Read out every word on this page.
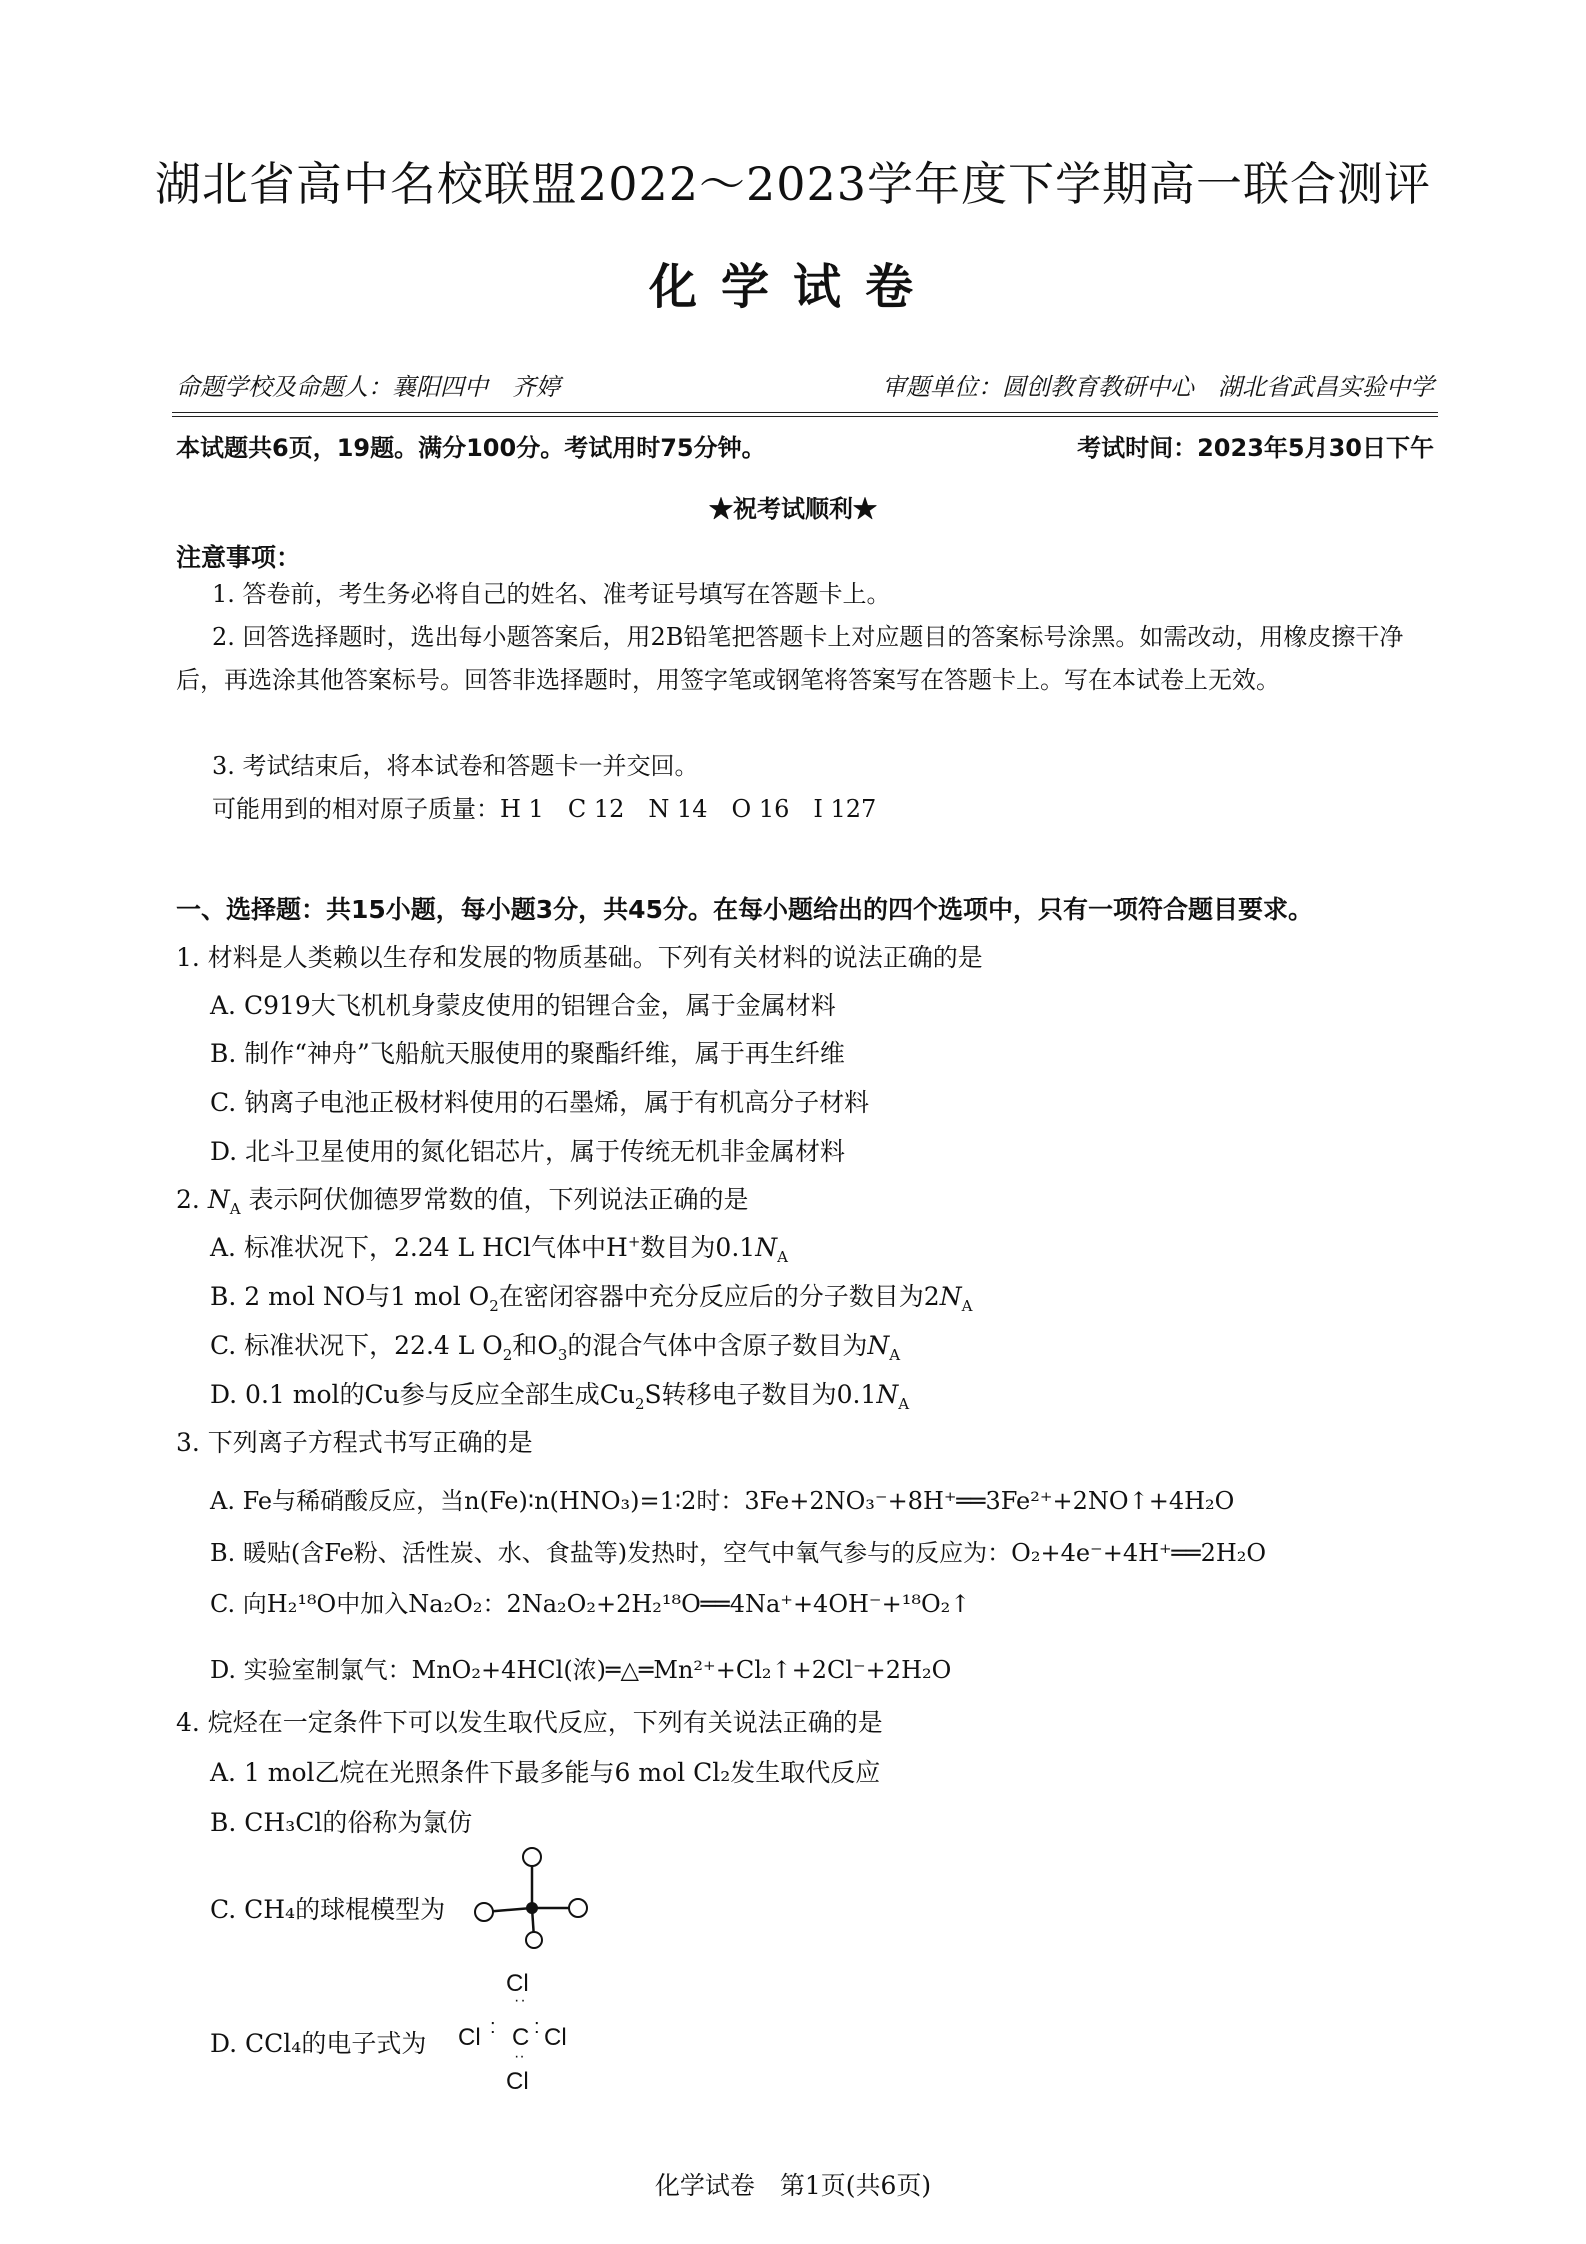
湖北省高中名校联盟2022～2023学年度下学期高一联合测评
化学试卷
命题学校及命题人：襄阳四中　齐婷	审题单位：圆创教育教研中心　湖北省武昌实验中学
本试题共6页，19题。满分100分。考试用时75分钟。	考试时间：2023年5月30日下午
★祝考试顺利★
注意事项：
1. 答卷前，考生务必将自己的姓名、准考证号填写在答题卡上。
2. 回答选择题时，选出每小题答案后，用2B铅笔把答题卡上对应题目的答案标号涂黑。如需改动，用橡皮擦干净后，再选涂其他答案标号。回答非选择题时，用签字笔或钢笔将答案写在答题卡上。写在本试卷上无效。
3. 考试结束后，将本试卷和答题卡一并交回。
可能用到的相对原子质量：H 1　C 12　N 14　O 16　I 127
一、选择题：共15小题，每小题3分，共45分。在每小题给出的四个选项中，只有一项符合题目要求。
1. 材料是人类赖以生存和发展的物质基础。下列有关材料的说法正确的是
A. C919大飞机机身蒙皮使用的铝锂合金，属于金属材料
B. 制作“神舟”飞船航天服使用的聚酯纤维，属于再生纤维
C. 钠离子电池正极材料使用的石墨烯，属于有机高分子材料
D. 北斗卫星使用的氮化铝芯片，属于传统无机非金属材料
2. $N_A$ 表示阿伏伽德罗常数的值，下列说法正确的是
A. 标准状况下，2.24 L HCl气体中H+数目为$0.1N_A$
B. 2 mol NO与1 mol $O_2$在密闭容器中充分反应后的分子数目为$2N_A$
C. 标准状况下，22.4 L $O_2$和$O_3$的混合气体中含原子数目为$N_A$
D. 0.1 mol的Cu参与反应全部生成$Cu_2S$转移电子数目为$0.1N_A$
3. 下列离子方程式书写正确的是
A. Fe与稀硝酸反应，当n(Fe)∶n(HNO₃)=1∶2时：3Fe+2NO₃⁻+8H⁺══3Fe²⁺+2NO↑+4H₂O
B. 暖贴(含Fe粉、活性炭、水、食盐等)发热时，空气中氧气参与的反应为：O₂+4e⁻+4H⁺══2H₂O
C. 向H₂¹⁸O中加入Na₂O₂：2Na₂O₂+2H₂¹⁸O══4Na⁺+4OH⁻+¹⁸O₂↑
D. 实验室制氯气：MnO₂+4HCl(浓)═△═Mn²⁺+Cl₂↑+2Cl⁻+2H₂O
4. 烷烃在一定条件下可以发生取代反应，下列有关说法正确的是
A. 1 mol乙烷在光照条件下最多能与6 mol Cl₂发生取代反应
B. CH₃Cl的俗称为氯仿
C. CH₄的球棍模型为
D. CCl₄的电子式为
Cl
··
Cl : C : Cl
··
Cl
化学试卷　第1页(共6页)
